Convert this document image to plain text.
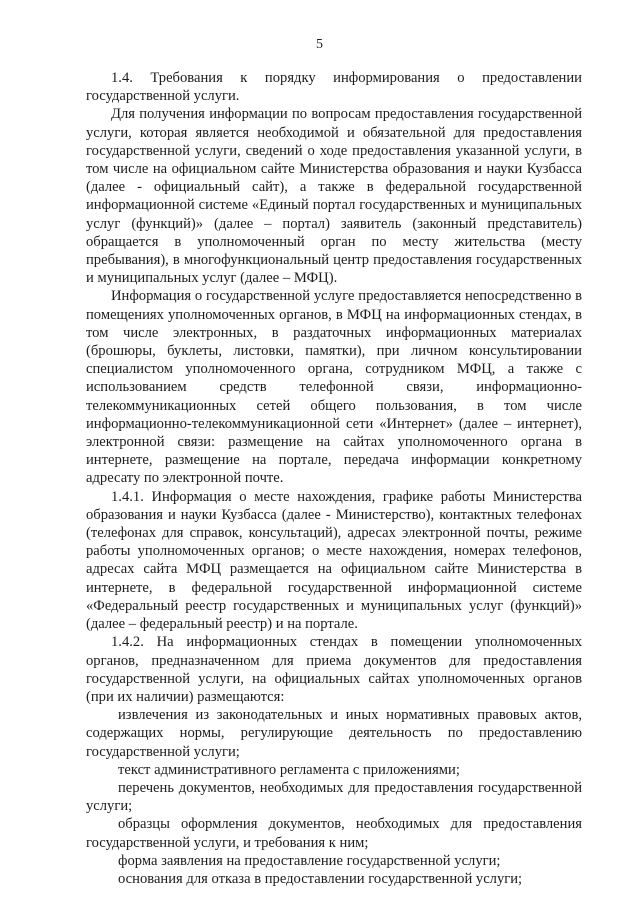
5

1.4. Требования к порядку информирования о предоставлении государственной услуги.

Для получения информации по вопросам предоставления государственной услуги, которая является необходимой и обязательной для предоставления государственной услуги, сведений о ходе предоставления указанной услуги, в том числе на официальном сайте Министерства образования и науки Кузбасса (далее - официальный сайт), а также в федеральной государственной информационной системе «Единый портал государственных и муниципальных услуг (функций)» (далее – портал) заявитель (законный представитель) обращается в уполномоченный орган по месту жительства (месту пребывания), в многофункциональный центр предоставления государственных и муниципальных услуг (далее – МФЦ).

Информация о государственной услуге предоставляется непосредственно в помещениях уполномоченных органов, в МФЦ на информационных стендах, в том числе электронных, в раздаточных информационных материалах (брошюры, буклеты, листовки, памятки), при личном консультировании специалистом уполномоченного органа, сотрудником МФЦ, а также с использованием средств телефонной связи, информационно-телекоммуникационных сетей общего пользования, в том числе информационно-телекоммуникационной сети «Интернет» (далее – интернет), электронной связи: размещение на сайтах уполномоченного органа в интернете, размещение на портале, передача информации конкретному адресату по электронной почте.

1.4.1. Информация о месте нахождения, графике работы Министерства образования и науки Кузбасса (далее - Министерство), контактных телефонах (телефонах для справок, консультаций), адресах электронной почты, режиме работы уполномоченных органов; о месте нахождения, номерах телефонов, адресах сайта МФЦ размещается на официальном сайте Министерства в интернете, в федеральной государственной информационной системе «Федеральный реестр государственных и муниципальных услуг (функций)» (далее – федеральный реестр) и на портале.

1.4.2. На информационных стендах в помещении уполномоченных органов, предназначенном для приема документов для предоставления государственной услуги, на официальных сайтах уполномоченных органов (при их наличии) размещаются:

извлечения из законодательных и иных нормативных правовых актов, содержащих нормы, регулирующие деятельность по предоставлению государственной услуги;

текст административного регламента с приложениями;

перечень документов, необходимых для предоставления государственной услуги;

образцы оформления документов, необходимых для предоставления государственной услуги, и требования к ним;

форма заявления на предоставление государственной услуги;

основания для отказа в предоставлении государственной услуги;
